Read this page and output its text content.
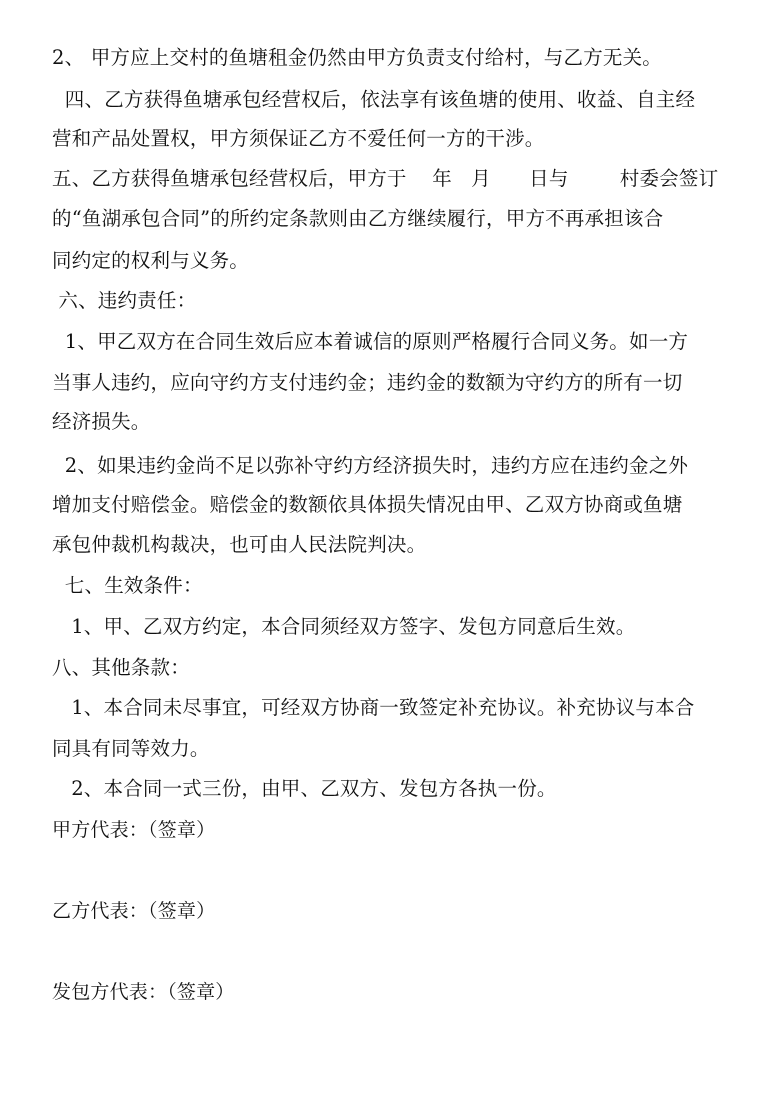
2、 甲方应上交村的鱼塘租金仍然由甲方负责支付给村，与乙方无关。
四、乙方获得鱼塘承包经营权后，依法享有该鱼塘的使用、收益、自主经
营和产品处置权，甲方须保证乙方不爱任何一方的干涉。
五、乙方获得鱼塘承包经营权后，甲方于    年   月      日与        村委会签订
的“鱼湖承包合同”的所约定条款则由乙方继续履行，甲方不再承担该合
同约定的权利与义务。
六、违约责任：
1、甲乙双方在合同生效后应本着诚信的原则严格履行合同义务。如一方
当事人违约，应向守约方支付违约金；违约金的数额为守约方的所有一切
经济损失。
2、如果违约金尚不足以弥补守约方经济损失时，违约方应在违约金之外
增加支付赔偿金。赔偿金的数额依具体损失情况由甲、乙双方协商或鱼塘
承包仲裁机构裁决，也可由人民法院判决。
七、生效条件：
1、甲、乙双方约定，本合同须经双方签字、发包方同意后生效。
八、其他条款：
1、本合同未尽事宜，可经双方协商一致签定补充协议。补充协议与本合
同具有同等效力。
2、本合同一式三份，由甲、乙双方、发包方各执一份。
甲方代表：（签章）
乙方代表：（签章）
发包方代表：（签章）
